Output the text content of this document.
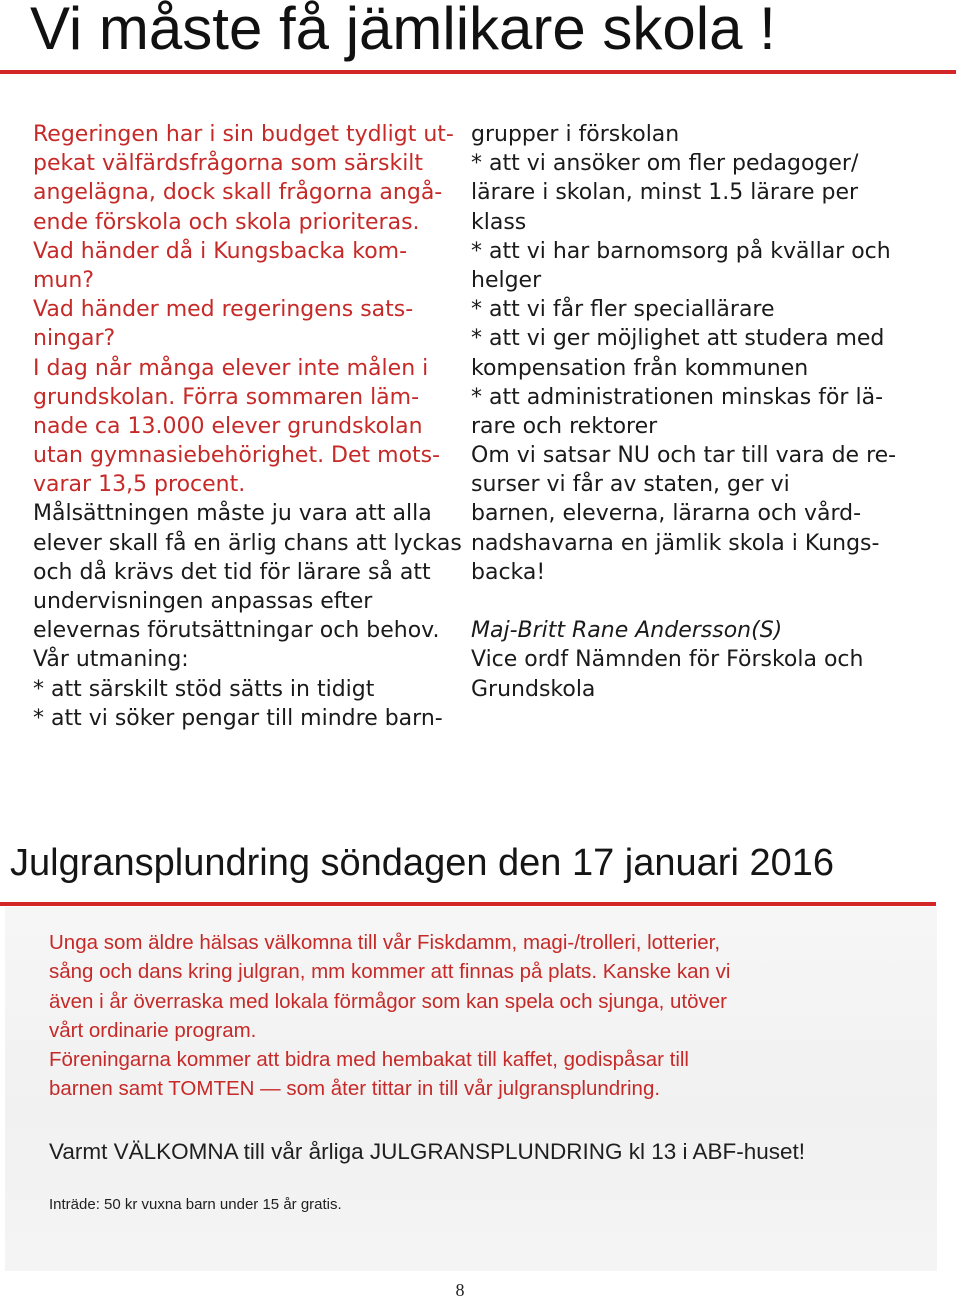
Vi måste få jämlikare skola !
Regeringen har i sin budget tydligt ut-
pekat välfärdsfrågorna som särskilt
angelägna, dock skall frågorna angå-
ende förskola och skola prioriteras.
Vad händer då i Kungsbacka kom-
mun?
Vad händer med regeringens sats-
ningar?
I dag når många elever inte målen i
grundskolan. Förra sommaren läm-
nade ca 13.000 elever grundskolan
utan gymnasiebehörighet. Det mots-
varar 13,5 procent.
Målsättningen måste ju vara att alla
elever skall få en ärlig chans att lyckas
och då krävs det tid för lärare så att
undervisningen anpassas efter
elevernas förutsättningar och behov.
Vår utmaning:
* att särskilt stöd sätts in tidigt
* att vi söker pengar till mindre barn-
grupper i förskolan
* att vi ansöker om fler pedagoger/
lärare i skolan, minst 1.5 lärare per
klass
* att vi har barnomsorg på kvällar och
helger
* att vi får fler speciallärare
* att vi ger möjlighet att studera med
kompensation från kommunen
* att administrationen minskas för lä-
rare och rektorer
Om vi satsar NU och tar till vara de re-
surser vi får av staten, ger vi
barnen, eleverna, lärarna och vård-
nadshavarna en jämlik skola i Kungs-
backa!
Maj-Britt Rane Andersson(S)
Vice ordf Nämnden för Förskola och
Grundskola
Julgransplundring söndagen den 17 januari 2016
Unga som äldre hälsas välkomna till vår Fiskdamm, magi-/trolleri, lotterier,
sång och dans kring julgran, mm kommer att finnas på plats. Kanske kan vi
även i år överraska med lokala förmågor som kan spela och sjunga, utöver
vårt ordinarie program.
Föreningarna kommer att bidra med hembakat till kaffet, godispåsar till
barnen samt TOMTEN — som åter tittar in till vår julgransplundring.
Varmt VÄLKOMNA till vår årliga JULGRANSPLUNDRING kl 13 i ABF-huset!
Inträde: 50 kr vuxna barn under 15 år gratis.
8
